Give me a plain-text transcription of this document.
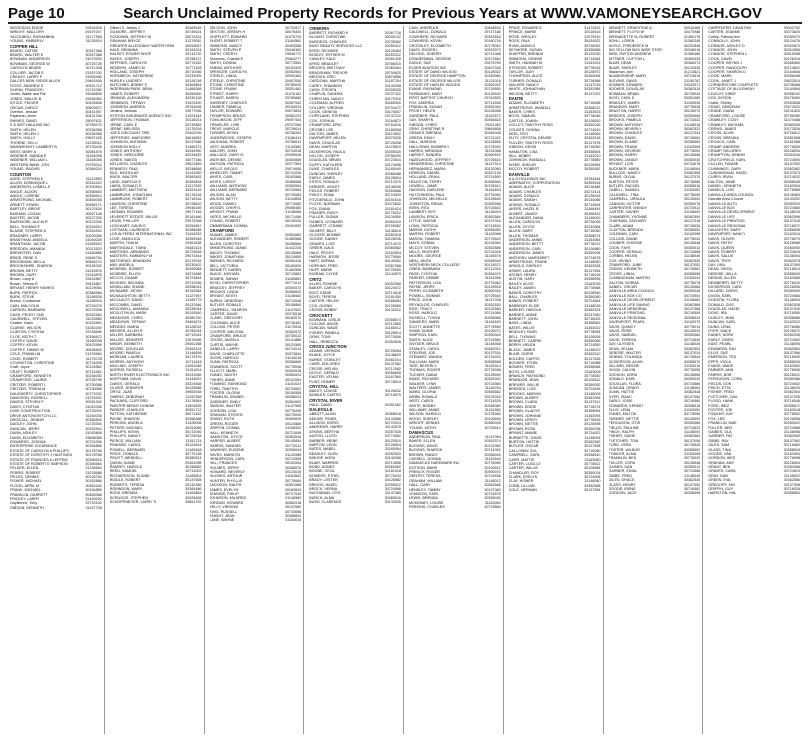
Page 10	Search Unclaimed Property Records for Previous Years at WWW.VAMONEYSEARCH.GOV
WOODSON, EDDIE	29454528
WRIGHT, MALLORY	29197207
YACOUBOU, RASHAIBHA	31177368
YOUNG, KIMBERLY	31135924
COPPER HILL
BEARD, CATHIE	30347368
BEARD, WALTER E	30347368
BOWMAN, ANDERSON	31073200
BOWMAN, GEORGE W	30725728
CAROLYN BEARD	30711308
COLLIER, JACOB E	31357030
CREASY, LARRY P	29083456
DALCES NEW, RIDGE ALLEN	29463408
FIGGS, ANDREW S	30351712
GLENN, FRANCES I	31743280
Jones, Wallie and Pat	29048608
JONES, WALLIE B	29048384
KITZLE, FEIGER	30426608
OSCAR, DARCO	30809672
Overton, Jessica	30441557
Papineau, Anne	30431338
RHINES, DAVID	29097632
S & WST HAULING INC	30789275
SMITH, HELEN	30336368
SMITH, HELEN J	30336368
SMITH, HOLLY	29697425
THORNE, KELLI	31335014
WAINWRIGHT, LAMBERT B	30725428
WEST, MARY A	30081578
WIDENER, WANDA E	31164056
WIDENER, WILLIAM L	31164056
WESTERN BANK, JON	29753014
YOUNG, RACHEL	30384024
COUNTON
AGEE, STEPHEN K	31122850
ALLEN, DOMINIQUE L	30344222
ANDERSON, LONELL K	30150654
ANGLE, ALDON	30356653
ANGLE, LORENE	30356514
ARMSTRONG, MICHAEL	30460058
ARNETT, EDWIN	30458171
BARTLEY, BRENT	30122634
BASHAM, LOGAN	30057108
BAXTER, JACOB	30227330
BAZEMORE, ALICIA R	30123326
BELL, THOMAS F	30326510
BLAINE, STEPHEN D	30344534
BRADNER, LARRY	30320066
BRANTHAM, ANGELA	31040028
BRANTHAM, JACOB	31355520
BREEDEN, AMANDA	30213520
BREWSTER, DAN	31450888
BRIDE, RENE S	29466794
BROOKMAN, BELLA	30646274
BROOKSHIRE, SHARON	30126330
BROWN, BETTY	31315876
BROWN, GARY	31315876
Brown, Larry A	29424867
Brown, Selena R	29424867
BRYANT, HENRY HIGHES	30129064
BURK, PATRICK	30386966
BURK, STEVE	31186536
Burton, Constance	31185004
CAIN, MALCOLM	30720078
CARSON, BARBARA	30275308
CASH, PEGGY SUE	30352584
CAUSWELL, STEVEN	31193580
Chafee, David	30153894
CLARKE, WILSON	31082200
CLINTON, CYNTHIA	29748695
CLOE, KEITH T	30356672
COFFEY, DAVID	31160038
COFFEY, KEVIN	30433996
COFFEY, TAMMY W	30456826
COLE, FRANKLIN	31376560
COOK, ROBERT	31178728
COVINGTON, CHRISTINE	30724008
Craft, Joyce	30126562
CRAFT, ROBERT	30714462
CRAWFORD, KENNETH	30154000
CRAWFORD, LAURIE	30735795
CRITZER, ROBERT L	30730068
CRITZER, TRISHA M	30730068
DAUGHERTY, CHRISTOPHER	30779332
DAVIDSON, RUSSELL	31376452
DAVIES, STEVEN P	30081302
DAVIS, CYNTHIA	31043336
DIXIE CONSTRUCTION	30733004
DRIVE ANTONOVITCH LLC	31160036
DRISCOLL, DENNIS	30366826
DUDLEY, JOHN	31725354
DUNCAN, JERRY	30152544
DUNN, ASHLEY	31093808
DUNN, ELIZABETH	29896068
EDWARDS, JOSHUA	30724338
ENTERPRISE CLEARANCE	30346858
ESTATE OF CAROLYN A PHILLIPS	30178768
ESTATE OF DOROTHY J HASTINGS	30178768
ESTATE OF FRANCES A LEFFEW	30356518
ESTATE OF ROBERT E SIMPSON	30180584
FELDER, ELLEN	31336654
FERRIS, ROBERT	31078588
FIELDS, DENNIS	30126754
FISHER, MICHAEL	30152888
FLOOD, APRIL M	30461040
FRANK, MICHAEL	30154856
FRANKLIN, GARRETT	30460068
FRIDLEY, LARRY	31440020
Gayllienne, Tony	29733100
GIBSON, KENNETH	31167708
Gilbert S, James J	30469545
GILMORE, JEFFREY	30749024
GOODWIN, JEFFREY W	30074324
GRAHAM, BRYCE	31379052
GREATER ALLEGHANY WATER FIRM	30053657
HALE, BRIANNA	30153024
HALSEY, POWER SHOP	29744720
HAYES, JOSEPH	29788137
HEFFNER, CAROLYN	30774162
HENDRIX, JAMES M	30771108
HOLLAND, JOSEPH	30710046
HORNBECK, KATHERINE	29333005
HURLEY, LINDSEY	30126748
HUTCHINS, BOBBY S	30364864
INGERMAN PARK, BRAIL	31466368
JAMES, ROBERT	30494500
JENKINS, ALEXANDRA	30330128
JENNINGS, TIFFANY	31023400
JOHNSON, ANDREA	29784636
Jenkins, Jessica	29077096
HYSTON INSURANCE AGENCY INC	31024344
JEFFERSON, THOMAS	30116024
JERNE, CARL E	29730883
JERNE, MELISSA	31176208
JOE'S DISCOUNT TIRE	29402299
JEFFERIES, MARJORIE	30616653
JOHNSON, ANTWAIN	30147566
JOHNSON HOLLY	31466373
JONES, ANTHONY	30344950
JONES, GREGORIE	30334625
JONES, NAKITA	30077346
KELLISON, CHARLES	29521899
KENNEDY, PAUL	30348658
KILE, NICHOLAS	31141550
KNOX, WALTER	30360493
LAND, MARCUS E	30383834
LAIRA, DONALD D	31317539
LAMBERT, MATTHEW	30324425
LAMBRUSH, JONATHAN	30176316
LAMBRUSH, ROBERT	30716316
LAWSON, CHRISTINE	30728632
LEE, TERESA	29946309
LEEMAN, EDWARD	29977146
LEVERETT ESTATE, WILLIE	30181466
LEWIS, PHILLIPS	29972098
LOCKHART, DAVID E	30354567
LOFTMAN, LAURENCE	30386648
LOS ALFEREZ INTERNATIONAL INC	31154332
LOVE, ANGELICA	30359948
MARTIN, TINA M	29461638
MARTINDALE, TIARA	29481424
MARTINEZ, ARMANDO	30724628
MASTERS, KIMBERLY M	29474344
MATTHEWS, BRANDON	30170016
MAY, ANGELA	30330402
MCBRIDE, ROBERT	30390084
MCBRIDE, ELLEN	30374688
MCCOY, DUANE	30723844
MCGHEE, BELINDA	29743306
MCMILLIAN, SHANE	30358044
MCNAMEE, KEVIN	30152584
MCNAUGHTON, BETTY	31127987
MCCAULEY, DAVID	31165775
MCCOMBS, DAVID	30137846
MCDOWELL, AMANDA	30336044
MCGLOTHLIN, MARK	30153540
MEADOWS, CHRIS	30380750
MEADOWS, TIFFANY	29464574
MENDEZ, MARIA	30128032
MESSER, ALLEN R	30765934
MILLER, BARBARA	30712044
MILLER, JENNIFER	31076086
MINOR, KENNETH	29461358
MOORE, DOUGLAS	29452424
MOORE, PAMELA	31146598
MORGAN, LAUREN	30172476
MORRIS, ANTHONY	30711428
MULLINS, JOSEPH	31081046
NORRIS, RUSSELL	31151834
NORTH RIVER ELECTRONICS INC	30431066
NORTHAM, DAVID	31144532
OAKES, GERALD	30324508
OLIVER, JENNIFER	30125688
ORTIZ, JUAN	29982048
OWENS, DEBORAH	31152368
PACKARD, CLIFFORD	31176584
PAINTER BENNY DONNIE	31504825
PARKER, CHARLES	30351712
PATTON, KATHERINE	30071452
PAYNE, SHARON	30366388
PERKINS, ANGELA	31326008
PETERS, MICHAEL	30454066
PHILLIPS, KEVIN	30172046
PHILLIPS, NANCY	30724518
PIERCE, WILLIAM	31151724
PINKARD, CAROL	30124624
POWELL, BERNARD	31165458
PRICE, DONALD	30770138
PRUITT, WENDELL	30380524
QUINN, DIANE	29461098
RAMSEY, HAROLD	30156682
REED, SAMUEL	30711002
RICHARDSON, ELAINE	31185804
RIDDLE, ROBERT	30137508
ROBERTS, TERESA	30132366
ROBINSON, MARY	30384486
ROSS, BRENDA	31163884
SCRUGGS, STEPHEN	30325608
SCHOPPMEYER, LARRY S	29661752
SELDON, JOHN	30724917
SEXTON, JEREMY H	30076454
SHIFFLETT, EDWARD	31075720
SHORT, ROBERT T	31164560
SIMMONS, NANCY	30453508
SMITH, STEVEN P	29446362
SMITH, CHERYL	29946772
Simmons, Charles E	29464277
SMITH, DONNA	30773500
SNEAD, ANTHONY	30154320
SPENCER, CAROLYN	30352504
STEELE, LINDA	30092462
STEELE, CHRISTINE	30457050
STONE, CHRISTINE	29785020
STONE, FRANK	30351462
STREET, HARRY	31476102
STUART, KAREN	29785680
SWEENEY, CHARLES	30367542
TANNER, PAMELA	30164024
TAYLOR, EDWARD	29073834
THOMPSON, BRUCE	30082224
TOMLINSON, JEFF	29097444
TRAVELER, LORI	29707066
TRENT, MARCUS	30726614
TURNER, KEVIN	30756264
UNDERWOOD, JOSEPH	31166414
VAUGHAN, ROBERT	29756612
VEST, ANDREA	31140560
WALKER, JOHN	30724018
WALLACE, GARY N	29495518
WATKINS, DENISE	30354066
WATSON, PATRICIA	30377554
WELLS, NICOLE	29074606
WHEELER, TAMMY	30741036
WHITE, CARL	30163568
WHITE, LEROY	30366066
WILLIAMS, ANTHONY	30352604
WILLIAMS, BERNARD	30725084
WILSON, ALAN	30725084
WILSON, BETTY	31144608
WOOD, DANIEL	30774080
WOODS, CHERYL	29458460
WRIGHT, FRANK	31148068
YATES, MICHELLE	30171086
YOUNG, ROBERT	30130026
ZIMMERMAN, DONNA	29491052
CRAWFORD
ADAMS, JAMES	30354082
ALEXANDER, ROBERT	31460568
ALLEN, DOROTHY	30458566
ARMSTRONG, DIANE	31442226
BAILEY, THOMAS	30126566
BAKER, JONATHAN	30124650
BARNES, RICHARD	30350416
BELL, VICTORIA	30182620
BENNETT, KAREN	31462556
BLACK, MICHAEL	30713662
BOWEN, SARAH	31165852
BOYD, CHRISTOPHER	30771012
BRADLEY, JEFFREY	30354572
BROOKS, LINDA	30365620
BRYANT, KEITH	31146082
BURNS, DEBORAH	30712646
BUTLER, RONALD	30158860
CAMPBELL, SHARON	31147602
CARTER, DAVID	30376518
CLARK, GREGORY	30183070
COLEMAN, ALICE	30726402
COLLINS, PETER	31175516
COOPER, MELISSA	30364572
CRAWFORD, BRUCE	30735012
CROSS, ANGELA	30141888
CURTIS, WAYNE	30131560
DANIELS, LARRY	30714014
DAVIS, CHARLOTTE	30373604
DIXON, HAROLD	31144018
DUNN, PATRICIA	30356660
EDWARDS, SCOTT	30778046
ELLIOTT, MARK	30354518
EVANS, JUDITH	30360624
FISHER, ANNE	30122064
FLEMING, RAYMOND	31161024
FORD, TIMOTHY	30725602
FOSTER, GLORIA	30150558
FRANKLIN, DENNIS	30458024
GARDNER, EMILY	30364062
GIBSON, WALTER	31147508
GORDON, LISA	30776206
GRAHAM, STEVEN	30175040
GRANT, RUTH	30350620
GREEN, ROGER	30124586
GRIFFIN, DONNA	31165520
HALL, KENNETH	30721646
HAMILTON, JOYCE	30363516
HARPER, ALBERT	30140604
HARRIS, SANDRA	30772012
HAWKINS, EUGENE	30356044
HAYES, MARILYN	31142088
HENDERSON, CARL	30713508
HILL, FRANCES	30152064
HOLMES, JERRY	30368570
HOWARD, BEVERLY	30124016
HUGHES, ARTHUR	31163602
HUNTER, PHYLLIS	30775084
JACKSON, RALPH	30351558
JAMES, EVELYN	30183624
JENKINS, PHILIP	30727040
JOHNSON, MILDRED	31146560
JORDAN, HOWARD	30362018
KELLY, VIRGINIA	30137082
KING, RUSSELL	30710656
KNIGHT, JEAN	30358604
LANE, WAYNE	31164016
CRIMORA
BARRETT, RICHARD K	30367716
BLOUNT, CHRISTINE	30000132
BURGESS, CHARLES	29735962
BUSY BEAUTY SERVICES LLC	30350412
BYRD, RICHARD	30126484
BOSLEY, ESTHER M	30253312
CAWLEY, KALE	30451426
BYRD, BRADLEY	30786010
BROOKS, BRITTANY	31063464
BRADSHAW, TREVOR	29794620
BROOKS, ERIC	30879856
CARDONA, MARTHA	31187204
CAREY, SHANNON	31140268
CASH, STEVEN	30395330
CHAPLIN, SANDRA	29707322
CHRISTIAN, NANCY	30179316
COLEMAN, ALFRED	30465300
COLLIER, VIRGINIA	30704472
COOK, GENEVA	30176837
COPELAND, STEPHEN	29747210
COX, JOSHUA	31164872
CRAWFORD, ERIC	30764216
CROSBY, LEE	31166908
DALTON, JAMES	30474832
DAVENPORT, HELEN	30370026
DAVIS, DOUGLAS	30726038
DEAN, MARTHA	31478810
DICKERSON, PAULA	30355020
DILLON, JOSEPH	29786430
DOUGLAS, BRIAN	30723634
DUFFY, KATHLEEN	30174006
DUKE, CHARLES	31165040
DUNCAN, SHIRLEY	30366488
EARLY, JAMES	30128604
ESTES, RONALD	30712070
FARMER, VIOLET	31148036
FIELDS, ROBERT	30354688
FINLEY, EDNA	30724520
FITZGERALD, JOHN	30151618
FLOYD, NORMAN	30370652
FOX, DIANA	31161624
FRAZIER, RICKY	30776012
FULLER, SUSAN	30134550
GAINES, LEONARD	30360410
GARRETT, CONNIE	30726582
GILBERT, BILLY	31146616
GLOVER, BONNIE	30352018
GOODE, DANNY	30128036
GRAVES, LOIS	30714070
GREER, DALE	30365582
HALE, PEGGY	31162604
HARMON, JESSE	30775560
HART, NORMA	30140062
HOPKINS, FRED	30357068
HUFF, MARIE	30725050
INGRAM, CLYDE	31144570
CRITZ
ALLEN, RONNIE	30352568
BAKER, CAROLYN	30124572
BOLT, EDDIE	30714618
BOYD, TERESA	31161050
CARTER, HELEN	30368084
COX, GLENN	30726560
CROSS, BOBBY	30132012
CROCKETT
BOWMAN, LESLIE	30358574
COLLINS, ANGIE	30712660
DUNCAN, WADE	31166012
FISHER, PAMELA	30128514
GRAY, TONY	30775008
HALL, REBECCA	30354526
CROSS JUNCTION
ADAMS, VERNON	30726054
BLAKE, JOYCE	31148620
BURKE, STANLEY	30361014
CARR, DOLORES	30137562
CROSS, MELVIN	30712082
DOYLE, GERALD	30356608
EASTER, VELMA	31167060
FLINT, HOMER	30778514
CRYSTAL HILL
BAILEY, LOUISE	30126032
BOWLES, CURTIS	30718570
CRYSTAL RIVER
HALE, DAVID	30351062
DALEVILLE
ABBOTT, ALVIN	30368018
ADKINS, PEARL	30134566
ALLISON, DORIS	30722024
ANDREWS, HARRY	31142578
ATKINS, BERTHA	30357530
AUSTIN, LLOYD	30774062
BARBER, IRENE	30125510
BARTON, LEON	30726604
BATES, MABEL	31165064
BEASLEY, GLEN	30352520
BISHOP, NORA	30140008
BLAIR, WARREN	30714556
BOND, AGNES	30360062
BOONE, CECIL	31161518
BOWERS, ETHEL	30776034
BRADY, LESTER	30128582
BRIGGS, HAZEL	30356012
BROCK, VERNA	30724566
BUCHANAN, OTIS	31147080
BURCH, ALMA	30365016
BUSH, CLARENCE	30132540
CAIN, ANDREA B	30468534
CALDWELL, DONALD	29747168
COWHERD, RICHARD	30353516
COWHERD, KEVIN	30180716
CROSSLEY, ELIZABETH	30778052
DAVIS, ROGER L	30392573
DELONG, SHERRY	30714068
DONNERMAN, GEORGE	30373554
EAGLE, SUE	29476769
ELDER AVIATION INC	30457026
ESTATE OF DAVID WILSON	30128022
ESTATE OF GEORGE HAMPTON	30189060
ESTATE OF GEORGE MILLER	31121018
ESTATE OF HARLEE WOODS	30362032
EVANS, RAYMOND	30726550
FAIRBANKS, MARY	30135534
FIRST BAPTIST CHURCH	29763820
FOX, ANDREA	30714538
FRANKLIN, SUSAN	30352054
FROST, HELEN	30126058
GARDNER, PAUL	31163572
GAY, SHARYN	30366618
GIBSON, CHRIS	29111462
GRAY, CHRISTINE R	29864808
GRAVES, BRENDA	30354048
GREEN, EMILY	30721022
HALL, MARSHA	30128556
HALLORAN, KIMBERLY	30776020
HARRIS, MIRANDA	31151088
HARVEY, SANDRA	30360532
HAZELWOOD, JEFFREY	30726618
HENDERSON, CHRISTINE	31147514
HERNANDEZ, MARIA	30132060
HOBSON, DANIEL	30347128
HOLLAND, ERIKA	30714500
HOUSTON, TERRY	30356564
HOWELL, JAMIE	30726012
HUDSON, DARLENE	31164604
HUTCHINSON, PAUL	30776050
JOHNSON, MICHELLE	30128640
JOHNSTON, BRIAN	30350058
KEEN, RITA	30724602
LAMBERT, ROY	31148024
LAWSON, ERICA	30362584
LITTLE, WAYNE	30137016
LONG, PATRICIA	30716534
MARSH, KATHY	30358050
MARTIN, ROBERT	31163088
MASON, TAMARA	30778524
MAYS, DONNA	30126064
MCCOY, STEVEN	30352586
MILLS, HEATHER	30724018
MOORE, GEORGE	31146578
NEAL, ANITA	30365040
NORTHERN NECK COLLEGE	30134572
OWEN, BARBARA	30712016
PAGE, CYNTHIA	30354070
PARKER, DEBBIE	31161556
PATTERSON, LISA	30776062
PAYNE, JERRY	30128518
PERRY, ELIZABETH	30360016
POWELL, BONNIE	30726540
PRICE, JOHN	31147038
REYNOLDS, CHARLES	30352520
RICE, TRACY	30132584
ROSS, HAROLD	30714068
RUSSELL, TONYA	30358066
SANDERS, MARK	31164520
SCOTT, ANNETTE	30776550
SHAW, DIANE	30126072
SIMPSON, KARL	30350044
SMITH, ALICE	30724584
SNYDER, BRUCE	31148058
STANLEY, CAROL	30362012
STEVENS, JOE	30137534
STEWART, WANDA	30716024
SULLIVAN, MARK	30358588
TATE, BEVERLY	31163014
THOMAS, ROGER	30778038
TUCKER, DIANA	30126590
WADE, RICHARD	30352042
WALKER, LYNN	30724560
WALTERS, JAMES	31146034
WARD, GLORIA	30365562
WEBB, RONALD	30132018
WEST, CAROL	30714526
WHITE, BOBBY	30356060
WILLIAMS, ANNIE	31161582
WILSON, HAROLD	30776064
WOOD, SHIRLEY	30128546
WRIGHT, DENNIS	30360028
YOUNG, KATHY	30726514
DAMASCUS
ANDERSON, PAUL	31147084
BAKER, ELLEN	30352574
BLEVINS, DAVID	30132060
BLEVINS, SHARON	30714052
BROWN, RANDY	30358016
CASSELL, DONNA	31163540
DAMASCUS HARDWARE INC	30778060
DOTSON, MARK	30126512
FRENCH, ROGER	30350070
GENTRY, TERESA	30724538
GRAHAM, WILLIAM	31148012
HALL, GARY	30362566
HENSLEY, TAMMY	30137060
JOHNSON, EARL	30716578
LEWIS, BRENDA	30358030
MCKINNEY, LOUISE	31163062
PERKINS, CHARLES	30778584
PRICE, EDWARD E	31472633
PRINCE, MARIE	30116516
ROSE, WESLEY	31079910
ROSS, PAUL	30434522
RYAN, ANGELA	30726052
SEYMORE, SUSAN	30356568
SHAFFER, BRENDA	30132030
SIMMONS, DENNIS	30714584
SMITH, HANNAH M	31161024
STEVENS, ROBERT	30776018
TAYLOR, JUDY	30128572
THOMPSON, ALICE	30360054
TURNER, DONALD	30726588
WALKER, NANCY	31147016
WHITE, JOHNATHAN	30352556
WILSON, BETTY	30137022
DANTE
ADAMS, ELIZABETH	30716068
ARMSTRONG, WANDA L	30358012
BAKER, CHRIS	31163526
BOYD, SAMUEL	30778046
CASTLE, JOANN	30126530
COLLEY, TIMOTHY ROSS	30350016
COUNTS, DONNA	30724510
DEEL, ROY	31148064
DUTY, CRYSTAL DENISE	30362518
FULLER, TIMOTHY ROSS	30137578
GIBSON, KEVIN	30716050
HAMILTON, LISA	30358554
HILL, BOBBY	31163010
JOHNSON, RANDALL	30778580
KISER, SHELBY	30126554
MCCOY, ROBERT	30350062
DANVILLE
A & D HOLDINGS INC	29784544
ABERNATHY, CORPORATION	30350516
ADAMS, ALICE	30216488
ADAMS, CHARLES	30272414
ADAMS, DONALD	30126518
ADAMS, SARAH	30134066
ADKINS, RONALD	30714504
AKERS, HAZEL B	31166444
ALBERT, JANICE	30356522
ALEXANDER, DANA	31148062
ALLEN, CAROLYN	30726036
ALLEN, JOYCE	30132584
ALLEN, MARY	30716060
ALLEN, THOMAS	30358574
ANDERSON, ANNIE	31163084
ANDERSON, BETTY	30778012
ANDERSON, CARL	30126580
ANDERSON, JAMES	30350094
ANTHONY, MARGARET	30724578
ARMSTRONG, FRANK	31148050
ARNOLD, SHIRLEY	30362538
ASHBY, LAURA	30137554
ATKINS, HENRY	30716016
AUSTIN, GARY	30358596
BAILEY, ALICE	31163036
BAILEY, JAMES	30778568
BAKER, DOROTHY	30126540
BALL, CHARLES	30350080
BANKS, ROBERT	30724564
BARBOUR, ELSIE	31148036
BARKER, HAROLD	30362524
BARNES, ANNIE	30137540
BARNETT, JOHN	30716002
BASS, LINDA	30358582
BATES, WILLIE	31163022
BEASLEY, RUBY	30778554
BELL, THOMAS	30126526
BENNETT, CARRIE	30350066
BERRY, HELEN	30724550
BLACK, JAMES	31148022
BLAIR, DORIS	30362510
BOLDEN, CURTIS	30137526
BOOKER, ETHEL	30716088
BOWEN, FRED	30358568
BOYD, LOUISE	31163008
BRANCH, RAYMOND	30778540
BRANDON, JEAN	30126512
BREWER, WILLIE	30350052
BRIDGES, LOIS	30724536
BROOKS, MARVIN	31148008
BROWN, ALBERT	30362596
BROWN, CLARA	30137512
BROWN, EDDIE	30716074
BROWN, GLADYS	30358554
BROWN, JOHNNIE	31163094
BROWN, LEROY	30778526
BROWN, NETTIE	30126598
BROWN, ROSA	30350038
BRYANT, MAMIE	30724522
BURNETTE, DAVID	31148094
BURTON, HATTIE	30362582
BUTLER, OSCAR	30137598
CALLOWAY, IDA	30716060
CAMPBELL, EARL	30358540
CARR, MATTIE	31163080
CARTER, LUCILLE	30778512
CARTER, WILLIE	30126584
CHANDLER, ROY	30350024
CLARK, EVELYN	30724508
CLAY, HOMER	31148080
COBB, LILLIAN	30362568
COLE, HERMAN	30137584
BENNETT, ERNESTINE A	30916488
BENNETT, FLOYD W	30473988
BERNADETTE M, ROBERT	31480176
BOHLI, LOREN	31380346
BOYLE, FREDERICK M	30252846
BIG YELLOW BOX WIDE STOR	30348018
BIRD, PAYTON ANDREW	31380486
BITTNER, CLIFTON L	30369420
BLAIR, DEAN	30366074
BLAIR, SHIRLEY	30132526
Blackmon, Ann	31213821
BLANKENSHIP, MARY	30723616
BLEVINS, DAVID	31150762
BONNER, EDWARD	30343071
BOOKER, DOUGLAS	30362515
BOWMAN, BRIAN	30726034
BOYD, CARL D	30351080
BRADLEY, JAMES	31163036
BRANDON, MARY	30778526
BRAXTON, HARRY	30126070
BRIDGES, JOSEPH	30350558
BROOKS, PAMELA	30724532
BROWN, ANTHONY	31148018
BROWN, BEVERLY	30362522
BROWN, CHARLES	30137034
BROWN, DAVID	30716554
BROWN, ELAINE	30358560
BROWN, FRANK	31163008
BROWN, GEORGE	30778052
BROWN, HARRY	30126566
BROWN, JANICE	30350030
BRYANT, LOIS	30724576
BUCKNER, MARK	31148064
BULLOCK, NANCY	30362558
BURNS, OLIVIA	30137070
BURTON, PETER	30716580
BUTLER, RACHEL	30358516
CABELL, SAMUEL	31163052
CALDWELL, TINA	30778096
CAMPBELL, URSULA	30126502
CANNON, VICTOR	30350076
CARPENTER, WENDY	30724512
CARTER, XAVIER	31148000
CHAMBERS, YVONNE	30362594
CHAPMAN, ZACHARY	30137016
CLARK, ADAM	30716526
CLAYTON, BRENDA	30358552
COLEMAN, CARL	31163098
COLLINS, DIANE	30778032
CONNER, EUGENE	30126548
COOK, FAYE	30350012
COOPER, GERALD	30724568
CORBIN, HELEN	31148046
COX, IRVING	30362530
CRAWFORD, JUNE	30137052
CREWS, KENNETH	30716562
CROSS, LINDA	30358598
CUNNINGHAM, MARTIN	31163034
DALTON, NORMA	30778078
DANIEL, OSCAR	30126584
DANVILLE AREA COUNCIL	30350048
DANVILLE BOX CO	30724504
DANVILLE DEVELOPMENT	31148082
DANVILLE LIFE SAVING	30362566
DANVILLE MEMORIAL	30137088
DANVILLE PRINTING	30716508
DANVILLE REGIONAL	30358534
DAVENPORT, PEARL	31163070
DAVIS, QUINCY	30778014
DAVIS, ROSE	30126520
DAVIS, SAMUEL	30350084
DAVIS, TERESA	30724540
DAY, ULYSSES	31148028
DEAN, VELMA	30362502
DEBOSE, WALTER	30137024
DENNIS, YOLANDA	30716544
DICKERSON, ALVIN	30358570
DILLARD, BESSIE	31163016
DIXON, CALVIN	30778050
DODSON, DORA	30126556
DONALD, EARL	30350020
DOUGLAS, FLORA	30724586
DUNCAN, GRADY	31148064
DUNN, HATTIE	30362548
DYER, ISAAC	30137060
EARLY, JOSIE	30716580
EDWARDS, KERMIT	30358516
ELLIS, LENA	31163052
EVANS, MILTON	30778096
FARMER, NETTIE	30126502
FERGUSON, OTIS	30350066
FIELDS, PAULINE	30724522
FINCH, RALPH	31148000
FISHER, SADIE	30362584
FLETCHER, TOM	30137006
FORD, VERA	30716526
FOSTER, WILBUR	30358552
FOWLER, ALMA	31163098
FRANKLIN, BEN	30778032
FULLER, CORA	30126548
GAINES, DAN	30350012
GARNER, EDNA	30724568
GIBBS, FRED	31148046
GILES, GRACE	30362530
GLASS, HENRY	30137052
GOODE, IRENE	30716562
GORDON, JACK	30358598
CARPENTER, DEAN RAY	30942752
CARTER, JEANNE	30373620
Corley, Patricia Ann	30350070
CONNOLLY, JOHN	30124476
CONNOR, ASHLEY D	30320870
CONNOR, JOHN	30324506
CONNOR, STEPHEN L	30915058
COOK, DAVID	30128316
COOPER, BRYNN J	30366560
COOPER, RANDOLPH	30714602
COOPER, SHARON D	31144846
COOK, MARK	30356408
COOK, JANET J	29822510
CORNERSTONE COMPLETE	30736068
COTTAGE OF ALLEGHENY	31144564
COULDY, KIRBY	30358102
COX, BYRON	30176060
Crabb, Shirley	29353658
CRAIG, DEBORAH	29473022
CRANE, DIANA	30131820
CRAWFORD, LOUISE	30756350
CRAWLEY, CODY	31474088
CRAWLEY, MICHAEL	30360028
CREWS, JAMES	30173526
CROSS, ALVIN	30726512
CROSS, BRENDA	30352068
CROUCH, CARL	31161588
CRUMP, ANDREW	30776526
CRUMP, DELORES	30128534
CRUMPTON, DENNIS	30354026
CRUTCHFIELD, EARL	30724590
CULLEN, FANNIE	31147052
CUMMINGS, GARY	30362562
CUNNINGHAM, HAZEL	30137574
CURRY, IRVIN	30714032
DALTON, JANIE	30358548
DANIEL, KENNETH	31163004
DANIELS, LOIS	30778588
DANVILLE AREA COUNCIL	30126584
Danville Area Council	31143252
DANVILLE AUTO	30350020
DANVILLE BOX	30724580
DANVILLE DEVELOPMENT	31148016
DANVILLE LIFE	30362596
DANVILLE PRINTING	30137016
DANVILLE REGIONAL	30716572
DAUGHTRY, MARY	30358508
DAVENPORT, NANCY	31163044
DAVIS, OLIVER	30778070
DAVIS, PATSY	30126586
DAVIS, QUEEN	30350050
DAVIS, ROBERT	30724516
DAVIS, SALLIE	31148004
DAVIS, TROY	30362578
DAY, UNA	30137090
DEAN, VIRGIL	30716514
DEBOSE, WILLA	30358540
DENNIS, ALLEN	31163086
DEWBERRY, BETTY	30778020
DICKERSON, CARL	30126536
DILLARD, DORIS	30350000
DIXON, EARL	30724566
DODSON, FLORA	31148054
DONALD, GUS	30362528
DOUGLAS, HAZEL	30137040
DOVE, IRA	30716550
DUDLEY, JEAN	30358586
DUNCAN, KARL	31163022
DUNN, LENA	30778066
DYER, MACK	30126572
EANES, NORA	30350036
EARLY, OWEN	30724502
EAST, PEARL	31148090
EDWARDS, RAY	30362564
ELLIS, SUE	30137086
EMERSON, TED	30716500
EPPS, VIOLA	30358526
EVANS, WADE	31163062
FARMER, ANN	30778006
FARRIS, BOB	30126512
FERGUSON, CORA	30350086
FIELDS, DON	30724542
FINCH, ETTA	31148030
FISHER, FRED	30362504
FLETCHER, GAIL	30137026
FLOOD, HANK	30716546
FORD, INEZ	30358572
FOSTER, JOE	31163018
FOWLER, KAY	30778052
FOX, LEE	30126558
FRANKLIN, MAE	30350022
FULLER, NED	30724588
GAINES, OLA	31148066
GARNER, PAT	30362540
GIBBS, RAY	30137062
GILES, SAM	30716582
GLASS, TINA	30358518
GOODE, VAN	31163054
GORDON, WES	30778098
GRAHAM, AMY	30126504
GRANT, BEN	30350068
GRAVES, CARA	30724524
GRAY, DAN	31148002
GREEN, EVA	30362586
GREGORY, FAY	30137008
GRIFFIN, GUY	30716528
HAIRSTON, HAL	30358554
